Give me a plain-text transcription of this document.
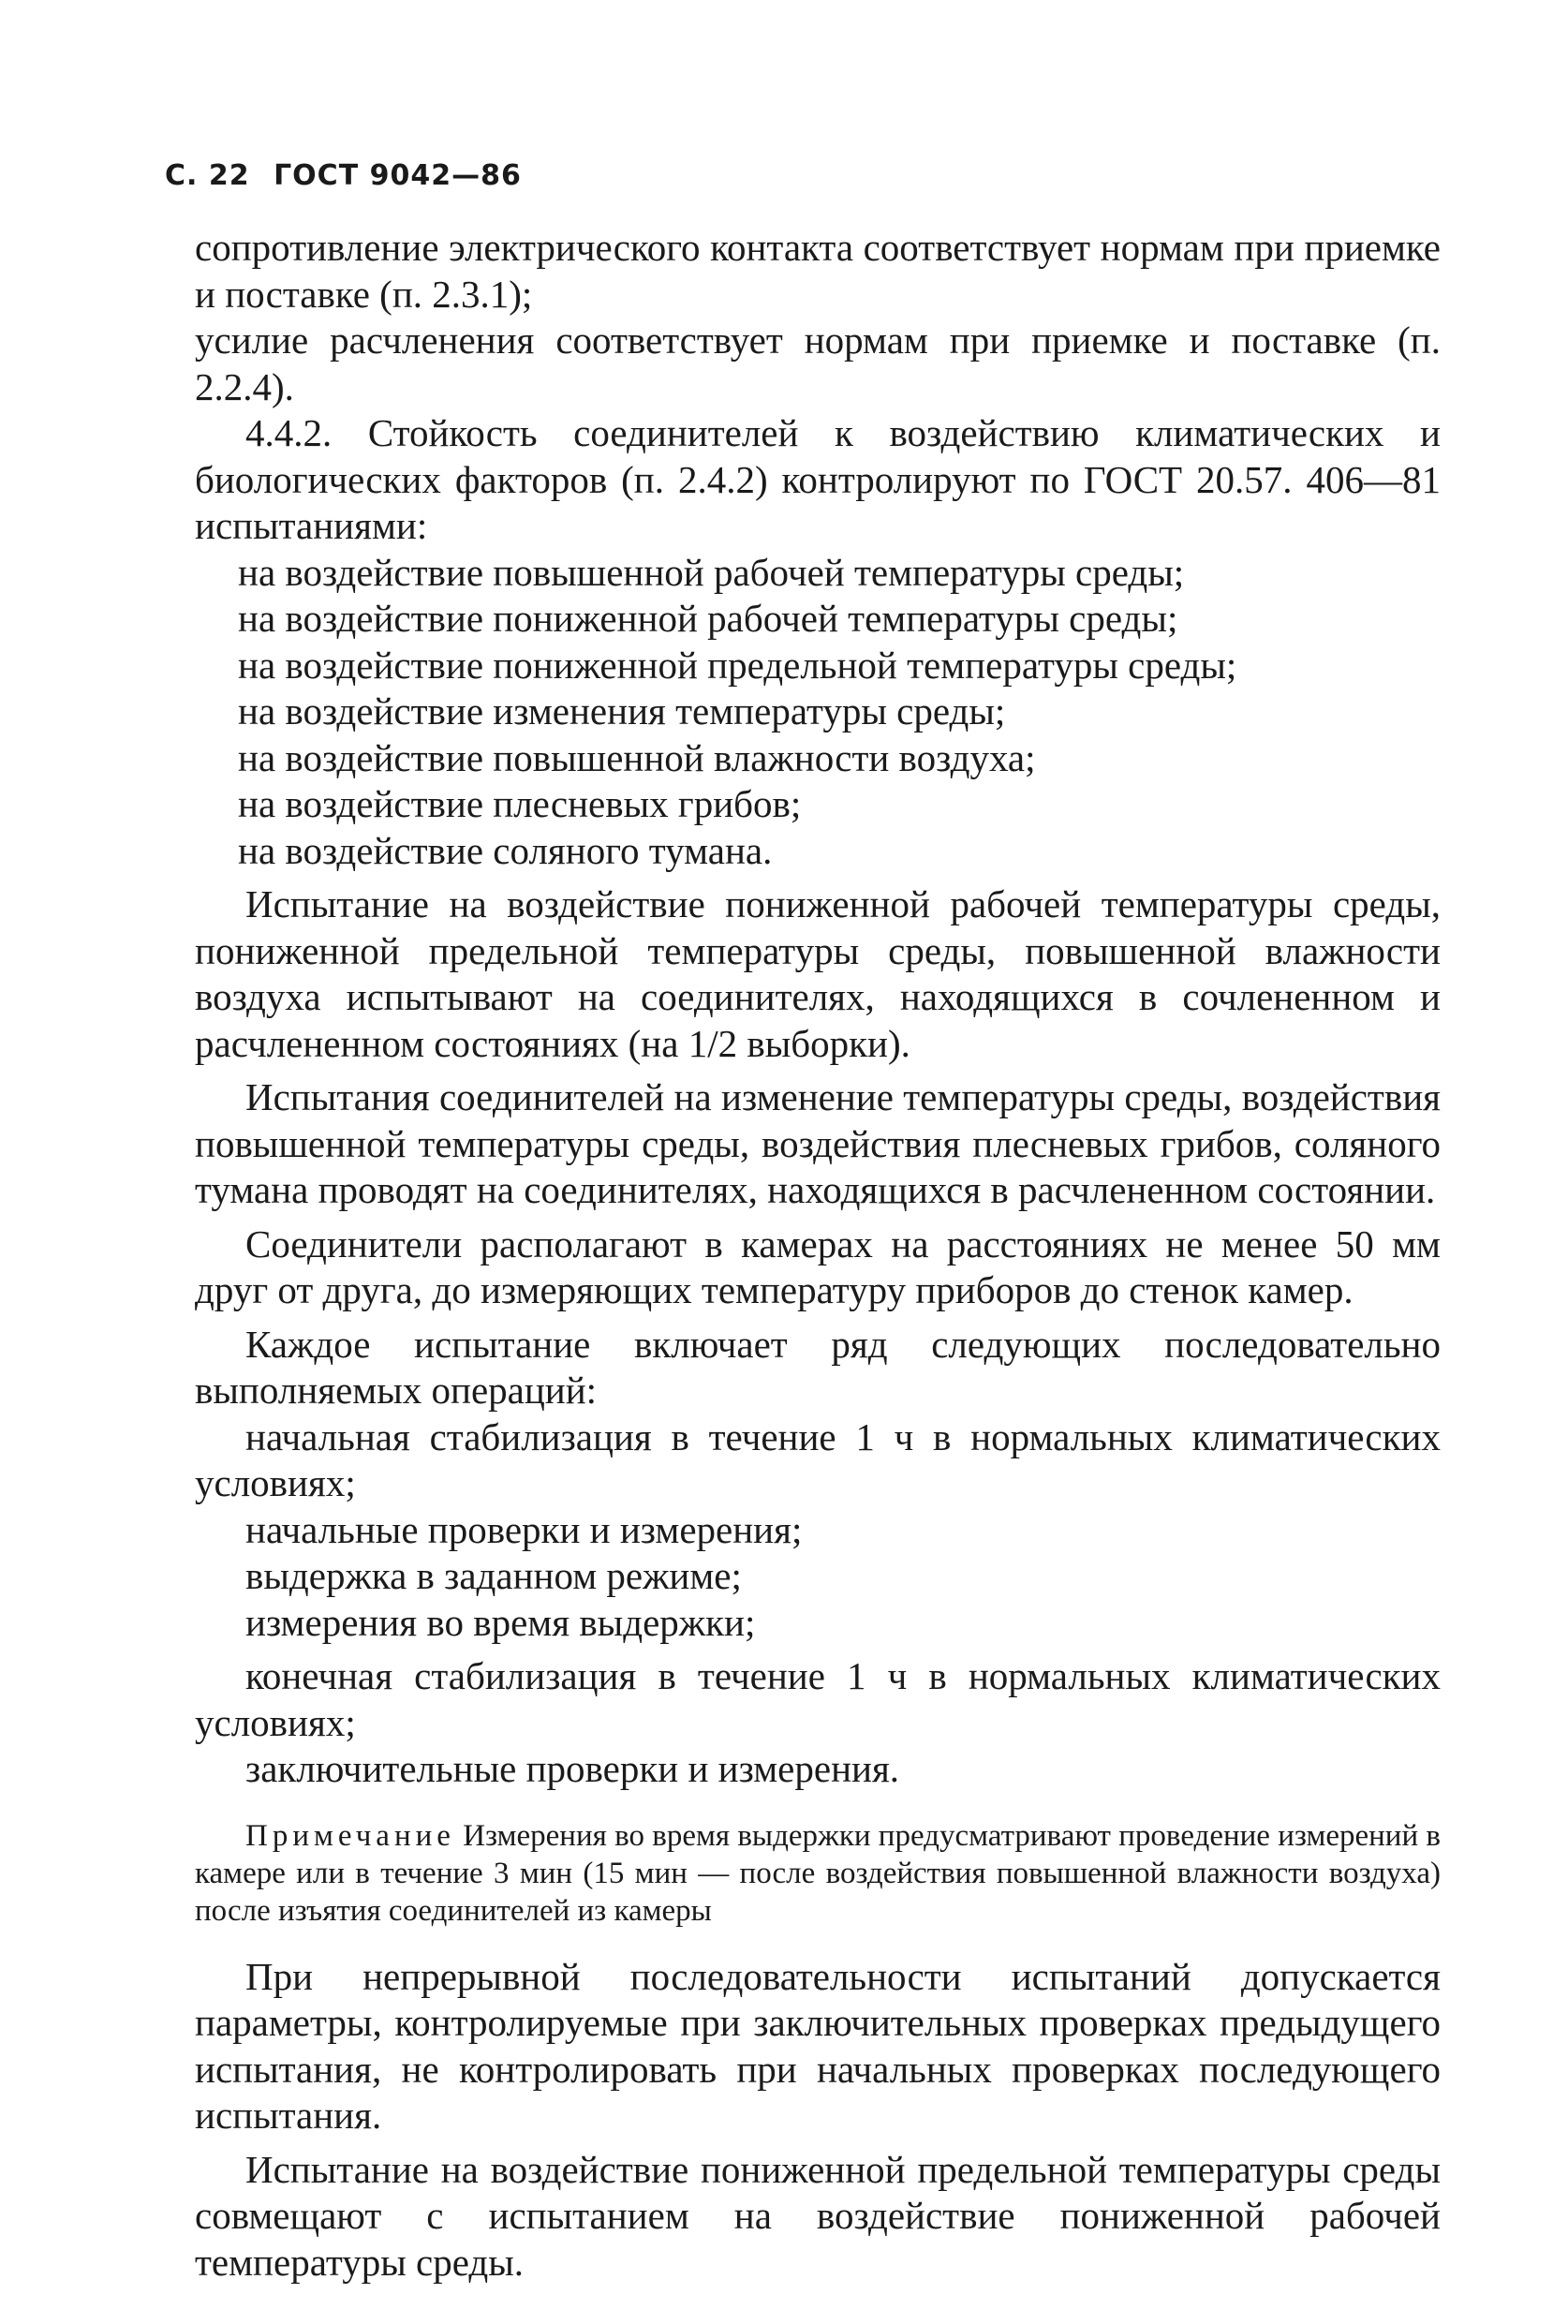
С. 22 ГОСТ 9042—86

сопротивление электрического контакта соответствует нормам при приемке и поставке (п. 2.3.1);

усилие расчленения соответствует нормам при приемке и поставке (п. 2.2.4).

4.4.2. Стойкость соединителей к воздействию климатических и биологических факторов (п. 2.4.2) контролируют по ГОСТ 20.57. 406—81 испытаниями:

на воздействие повышенной рабочей температуры среды;

на воздействие пониженной рабочей температуры среды;

на воздействие пониженной предельной температуры среды;

на воздействие изменения температуры среды;

на воздействие повышенной влажности воздуха;

на воздействие плесневых грибов;

на воздействие соляного тумана.

Испытание на воздействие пониженной рабочей температуры среды, пониженной предельной температуры среды, повышенной влажности воздуха испытывают на соединителях, находящихся в сочлененном и расчлененном состояниях (на 1/2 выборки).

Испытания соединителей на изменение температуры среды, воздействия повышенной температуры среды, воздействия плесневых грибов, соляного тумана проводят на соединителях, находящихся в расчлененном состоянии.

Соединители располагают в камерах на расстояниях не менее 50 мм друг от друга, до измеряющих температуру приборов до стенок камер.

Каждое испытание включает ряд следующих последовательно выполняемых операций:

начальная стабилизация в течение 1 ч в нормальных климатических условиях;

начальные проверки и измерения;

выдержка в заданном режиме;

измерения во время выдержки;

конечная стабилизация в течение 1 ч в нормальных климатических условиях;

заключительные проверки и измерения.

Примечание Измерения во время выдержки предусматривают проведение измерений в камере или в течение 3 мин (15 мин — после воздействия повышенной влажности воздуха) после изъятия соединителей из камеры

При непрерывной последовательности испытаний допускается параметры, контролируемые при заключительных проверках предыдущего испытания, не контролировать при начальных проверках последующего испытания.

Испытание на воздействие пониженной предельной температуры среды совмещают с испытанием на воздействие пониженной рабочей температуры среды.
